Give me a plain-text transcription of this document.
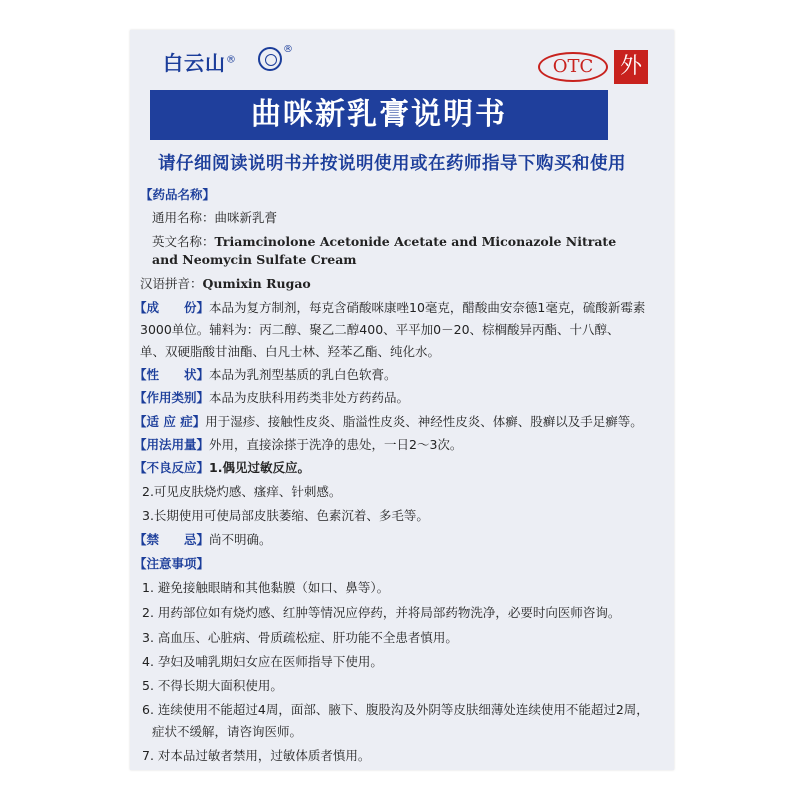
白云山®
®
OTC	外
曲咪新乳膏说明书
请仔细阅读说明书并按说明使用或在药师指导下购买和使用
【药品名称】
通用名称：曲咪新乳膏
英文名称：Triamcinolone Acetonide Acetate and Miconazole Nitrate
and Neomycin Sulfate Cream
汉语拼音：Qumixin Rugao
【成　　份】本品为复方制剂，每克含硝酸咪康唑10毫克，醋酸曲安奈德1毫克，硫酸新霉素
3000单位。辅料为：丙二醇、聚乙二醇400、平平加0－20、棕榈酸异丙酯、十八醇、
单、双硬脂酸甘油酯、白凡士林、羟苯乙酯、纯化水。
【性　　状】本品为乳剂型基质的乳白色软膏。
【作用类别】本品为皮肤科用药类非处方药药品。
【适 应 症】用于湿疹、接触性皮炎、脂溢性皮炎、神经性皮炎、体癣、股癣以及手足癣等。
【用法用量】外用，直接涂搽于洗净的患处，一日2～3次。
【不良反应】1.偶见过敏反应。
2.可见皮肤烧灼感、瘙痒、针刺感。
3.长期使用可使局部皮肤萎缩、色素沉着、多毛等。
【禁　　忌】尚不明确。
【注意事项】
1. 避免接触眼睛和其他黏膜（如口、鼻等）。
2. 用药部位如有烧灼感、红肿等情况应停药，并将局部药物洗净，必要时向医师咨询。
3. 高血压、心脏病、骨质疏松症、肝功能不全患者慎用。
4. 孕妇及哺乳期妇女应在医师指导下使用。
5. 不得长期大面积使用。
6. 连续使用不能超过4周，面部、腋下、腹股沟及外阴等皮肤细薄处连续使用不能超过2周，
症状不缓解，请咨询医师。
7. 对本品过敏者禁用，过敏体质者慎用。
